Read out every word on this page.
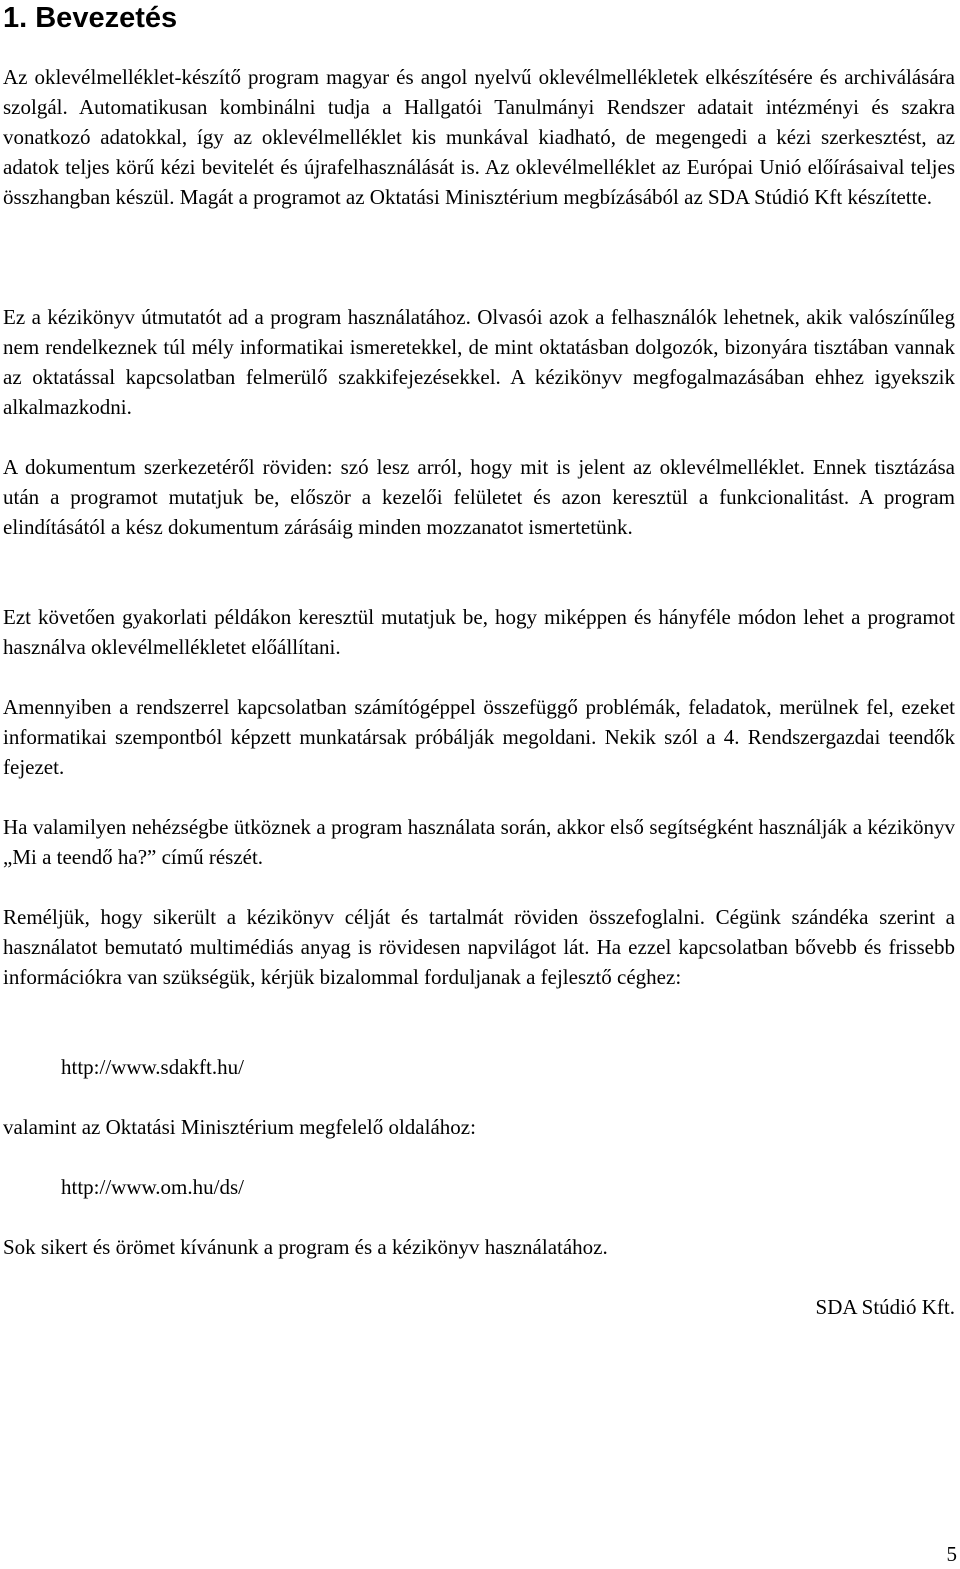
1. Bevezetés

Az oklevélmelléklet-készítő program magyar és angol nyelvű oklevélmellékletek elkészítésére és archiválására szolgál. Automatikusan kombinálni tudja a Hallgatói Tanulmányi Rendszer adatait intézményi és szakra vonatkozó adatokkal, így az oklevélmelléklet kis munkával kiadható, de megengedi a kézi szerkesztést, az adatok teljes körű kézi bevitelét és újrafelhasználását is. Az oklevélmelléklet az Európai Unió előírásaival teljes összhangban készül. Magát a programot az Oktatási Minisztérium megbízásából az SDA Stúdió Kft készítette.

Ez a kézikönyv útmutatót ad a program használatához. Olvasói azok a felhasználók lehetnek, akik valószínűleg nem rendelkeznek túl mély informatikai ismeretekkel, de mint oktatásban dolgozók, bizonyára tisztában vannak az oktatással kapcsolatban felmerülő szakkifejezésekkel. A kézikönyv megfogalmazásában ehhez igyekszik alkalmazkodni.

A dokumentum szerkezetéről röviden: szó lesz arról, hogy mit is jelent az oklevélmelléklet. Ennek tisztázása után a programot mutatjuk be, először a kezelői felületet és azon keresztül a funkcionalitást. A program elindításától a kész dokumentum zárásáig minden mozzanatot ismertetünk.

Ezt követően gyakorlati példákon keresztül mutatjuk be, hogy miképpen és hányféle módon lehet a programot használva oklevélmellékletet előállítani.

Amennyiben a rendszerrel kapcsolatban számítógéppel összefüggő problémák, feladatok, merülnek fel, ezeket informatikai szempontból képzett munkatársak próbálják megoldani. Nekik szól a 4. Rendszergazdai teendők fejezet.

Ha valamilyen nehézségbe ütköznek a program használata során, akkor első segítségként használják a kézikönyv „Mi a teendő ha?” című részét.

Reméljük, hogy sikerült a kézikönyv célját és tartalmát röviden összefoglalni. Cégünk szándéka szerint a használatot bemutató multimédiás anyag is rövidesen napvilágot lát. Ha ezzel kapcsolatban bővebb és frissebb információkra van szükségük, kérjük bizalommal forduljanak a fejlesztő céghez:

http://www.sdakft.hu/

valamint az Oktatási Minisztérium megfelelő oldalához:

http://www.om.hu/ds/

Sok sikert és örömet kívánunk a program és a kézikönyv használatához.

SDA Stúdió Kft.

5
